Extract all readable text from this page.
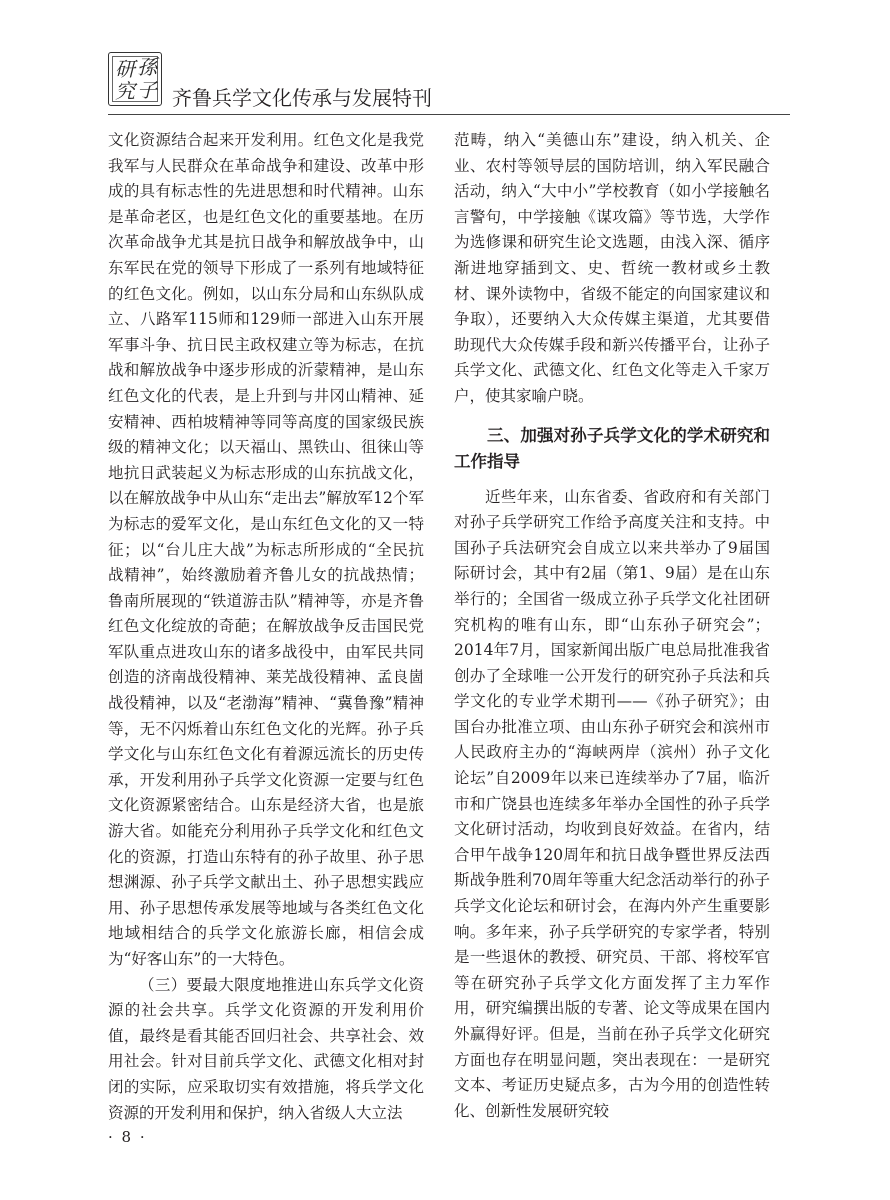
研 孫
究 子 齐鲁兵学文化传承与发展特刊

文化资源结合起来开发利用。红色文化是我党我军与人民群众在革命战争和建设、改革中形成的具有标志性的先进思想和时代精神。山东是革命老区，也是红色文化的重要基地。在历次革命战争尤其是抗日战争和解放战争中，山东军民在党的领导下形成了一系列有地域特征的红色文化。例如，以山东分局和山东纵队成立、八路军115师和129师一部进入山东开展军事斗争、抗日民主政权建立等为标志，在抗战和解放战争中逐步形成的沂蒙精神，是山东红色文化的代表，是上升到与井冈山精神、延安精神、西柏坡精神等同等高度的国家级民族级的精神文化；以天福山、黑铁山、徂徕山等地抗日武装起义为标志形成的山东抗战文化，以在解放战争中从山东“走出去”解放军12个军为标志的爱军文化，是山东红色文化的又一特征；以“台儿庄大战”为标志所形成的“全民抗战精神”，始终激励着齐鲁儿女的抗战热情；鲁南所展现的“铁道游击队”精神等，亦是齐鲁红色文化绽放的奇葩；在解放战争反击国民党军队重点进攻山东的诸多战役中，由军民共同创造的济南战役精神、莱芜战役精神、孟良崮战役精神，以及“老渤海”精神、“冀鲁豫”精神等，无不闪烁着山东红色文化的光辉。孙子兵学文化与山东红色文化有着源远流长的历史传承，开发利用孙子兵学文化资源一定要与红色文化资源紧密结合。山东是经济大省，也是旅游大省。如能充分利用孙子兵学文化和红色文化的资源，打造山东特有的孙子故里、孙子思想渊源、孙子兵学文献出土、孙子思想实践应用、孙子思想传承发展等地域与各类红色文化地域相结合的兵学文化旅游长廊，相信会成为“好客山东”的一大特色。

（三）要最大限度地推进山东兵学文化资源的社会共享。兵学文化资源的开发利用价值，最终是看其能否回归社会、共享社会、效用社会。针对目前兵学文化、武德文化相对封闭的实际，应采取切实有效措施，将兵学文化资源的开发利用和保护，纳入省级人大立法

范畴，纳入“美德山东”建设，纳入机关、企业、农村等领导层的国防培训，纳入军民融合活动，纳入“大中小”学校教育（如小学接触名言警句，中学接触《谋攻篇》等节选，大学作为选修课和研究生论文选题，由浅入深、循序渐进地穿插到文、史、哲统一教材或乡土教材、课外读物中，省级不能定的向国家建议和争取），还要纳入大众传媒主渠道，尤其要借助现代大众传媒手段和新兴传播平台，让孙子兵学文化、武德文化、红色文化等走入千家万户，使其家喻户晓。

三、加强对孙子兵学文化的学术研究和工作指导

近些年来，山东省委、省政府和有关部门对孙子兵学研究工作给予高度关注和支持。中国孙子兵法研究会自成立以来共举办了9届国际研讨会，其中有2届（第1、9届）是在山东举行的；全国省一级成立孙子兵学文化社团研究机构的唯有山东，即“山东孙子研究会”；2014年7月，国家新闻出版广电总局批准我省创办了全球唯一公开发行的研究孙子兵法和兵学文化的专业学术期刊——《孙子研究》；由国台办批准立项、由山东孙子研究会和滨州市人民政府主办的“海峡两岸（滨州）孙子文化论坛”自2009年以来已连续举办了7届，临沂市和广饶县也连续多年举办全国性的孙子兵学文化研讨活动，均收到良好效益。在省内，结合甲午战争120周年和抗日战争暨世界反法西斯战争胜利70周年等重大纪念活动举行的孙子兵学文化论坛和研讨会，在海内外产生重要影响。多年来，孙子兵学研究的专家学者，特别是一些退休的教授、研究员、干部、将校军官等在研究孙子兵学文化方面发挥了主力军作用，研究编撰出版的专著、论文等成果在国内外赢得好评。但是，当前在孙子兵学文化研究方面也存在明显问题，突出表现在：一是研究文本、考证历史疑点多，古为今用的创造性转化、创新性发展研究较

· 8 ·
